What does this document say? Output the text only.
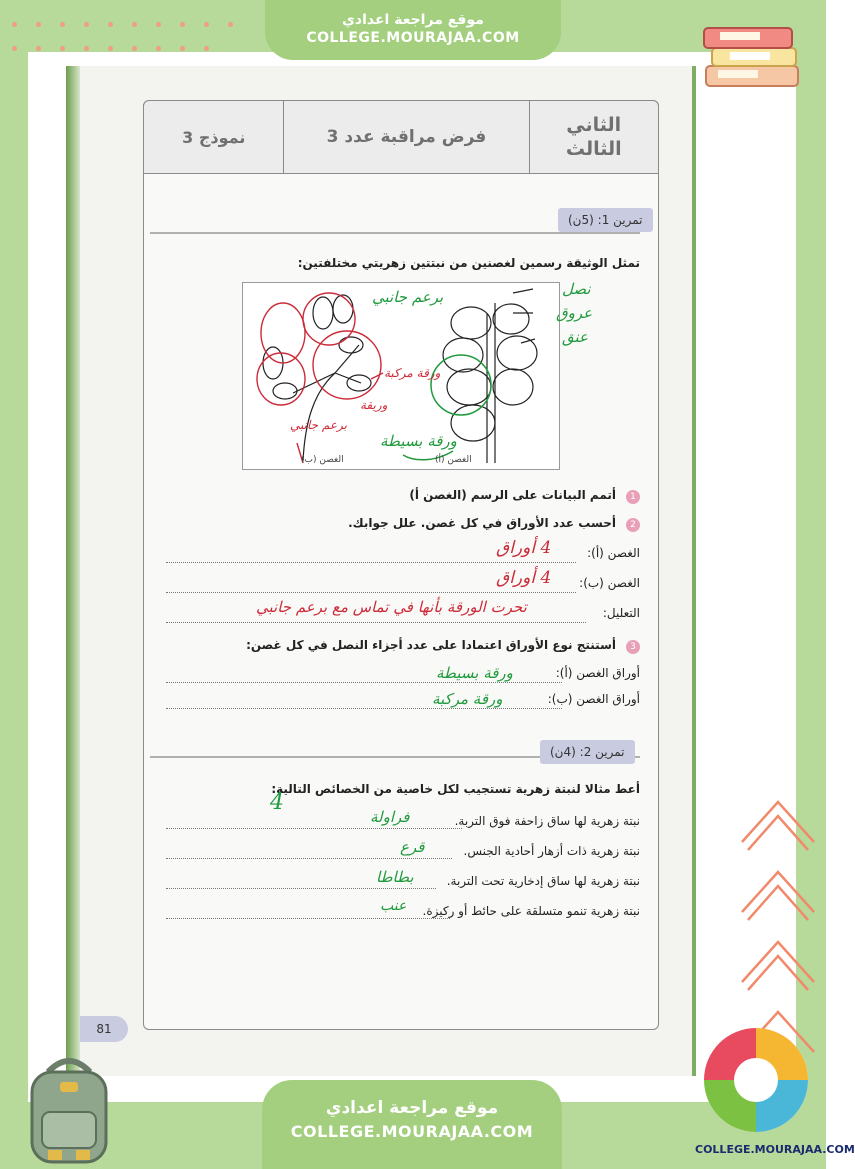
موقع مراجعة اعدادي
COLLEGE.MOURAJAA.COM
الثاني
الثالث
فرض مراقبة عدد 3
نموذج 3
تمرين 1: (5ن)
تمثل الوثيقة رسمين لغصنين من نبتتين زهريتي مختلفتين:
الغصن (أ)
الغصن (ب)
نصل
عروق
عنق
ورقة بسيطة
برعم جانبي
ورقة مركبة
وريقة
برعم جانبي
1
أتمم البيانات على الرسم (الغصن أ)
2
أحسب عدد الأوراق في كل غصن. علل جوابك.
الغصن (أ):
4 أوراق
الغصن (ب):
4 أوراق
التعليل:
تحرت الورقة بأنها في تماس مع برعم جانبي
3
أستنتج نوع الأوراق اعتمادا على عدد أجزاء النصل في كل غصن:
أوراق الغصن (أ):
ورقة بسيطة
أوراق الغصن (ب):
ورقة مركبة
تمرين 2: (4ن)
أعط مثالا لنبتة زهرية تستجيب لكل خاصية من الخصائص التالية:
نبتة زهرية لها ساق زاحفة فوق التربة.
فراولة
نبتة زهرية ذات أزهار أحادية الجنس.
قرع
نبتة زهرية لها ساق إدخارية تحت التربة.
بطاطا
نبتة زهرية تنمو متسلقة على حائط أو ركيزة.
عنب
4
81
موقع مراجعة اعدادي
COLLEGE.MOURAJAA.COM
COLLEGE.MOURAJAA.COM
